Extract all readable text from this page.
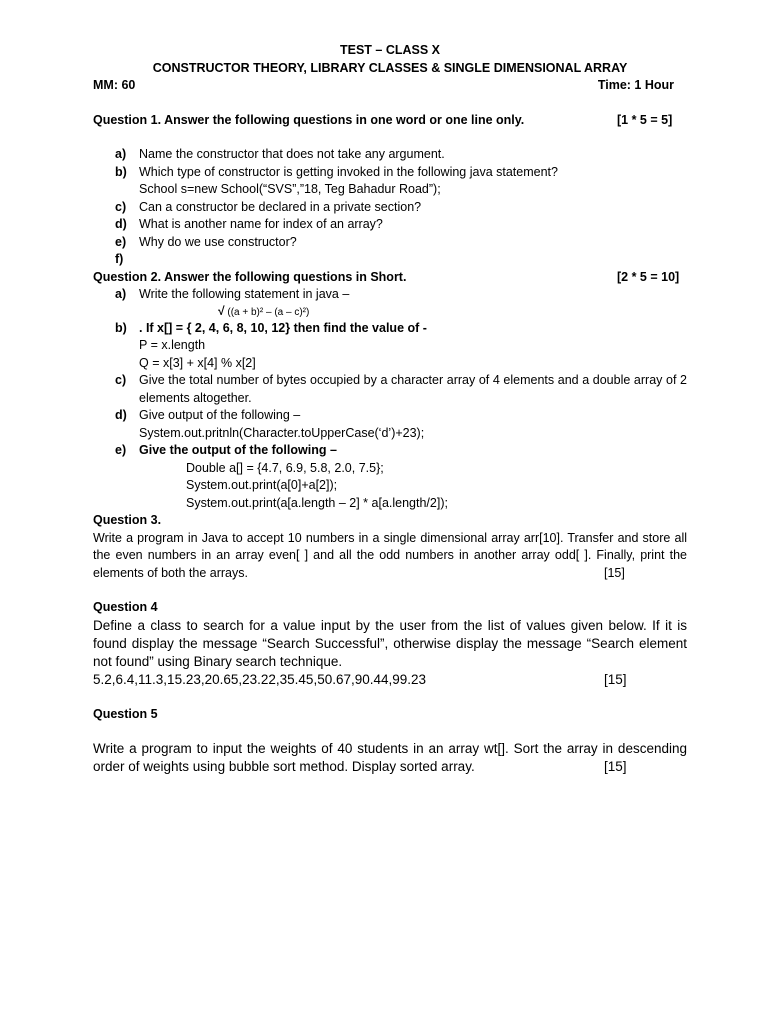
TEST – CLASS X
CONSTRUCTOR THEORY, LIBRARY CLASSES & SINGLE DIMENSIONAL ARRAY
MM: 60	Time: 1 Hour
Question 1. Answer the following questions in one word or one line only.	[1 * 5 = 5]
a)	Name the constructor that does not take any argument.
b) Which type of constructor is getting invoked in the following java statement?
School s=new School(“SVS”,”18, Teg Bahadur Road”);
c)	Can a constructor be declared in a private section?
d) What is another name for index of an array?
e)	Why do we use constructor?
f)
Question 2. Answer the following questions in Short.	[2 * 5 = 10]
a)	Write the following statement in java –
√ ((a + b)² – (a – c)²)
b) . If x[] = { 2, 4, 6, 8, 10, 12} then find the value of -
P = x.length
Q = x[3] + x[4] % x[2]
c)	Give the total number of bytes occupied by a character array of 4 elements and a double array of 2 elements altogether.
d) Give output of the following –
System.out.pritnln(Character.toUpperCase(‘d’)+23);
e)	Give the output of the following –
Double a[] = {4.7, 6.9, 5.8, 2.0, 7.5};
System.out.print(a[0]+a[2]);
System.out.print(a[a.length – 2] * a[a.length/2]);
Question 3.
Write a program in Java to accept 10 numbers in a single dimensional array arr[10]. Transfer and store all the even numbers in an array even[ ] and all the odd numbers in another array odd[ ]. Finally, print the elements of both the arrays.	[15]
Question 4
Define a class to search for a value input by the user from the list of values given below. If it is found display the message “Search Successful”, otherwise display the message “Search element not found” using Binary search technique.
5.2,6.4,11.3,15.23,20.65,23.22,35.45,50.67,90.44,99.23	[15]
Question 5
Write a program to input the weights of 40 students in an array wt[]. Sort the array in descending order of weights using bubble sort method. Display sorted array.	[15]
